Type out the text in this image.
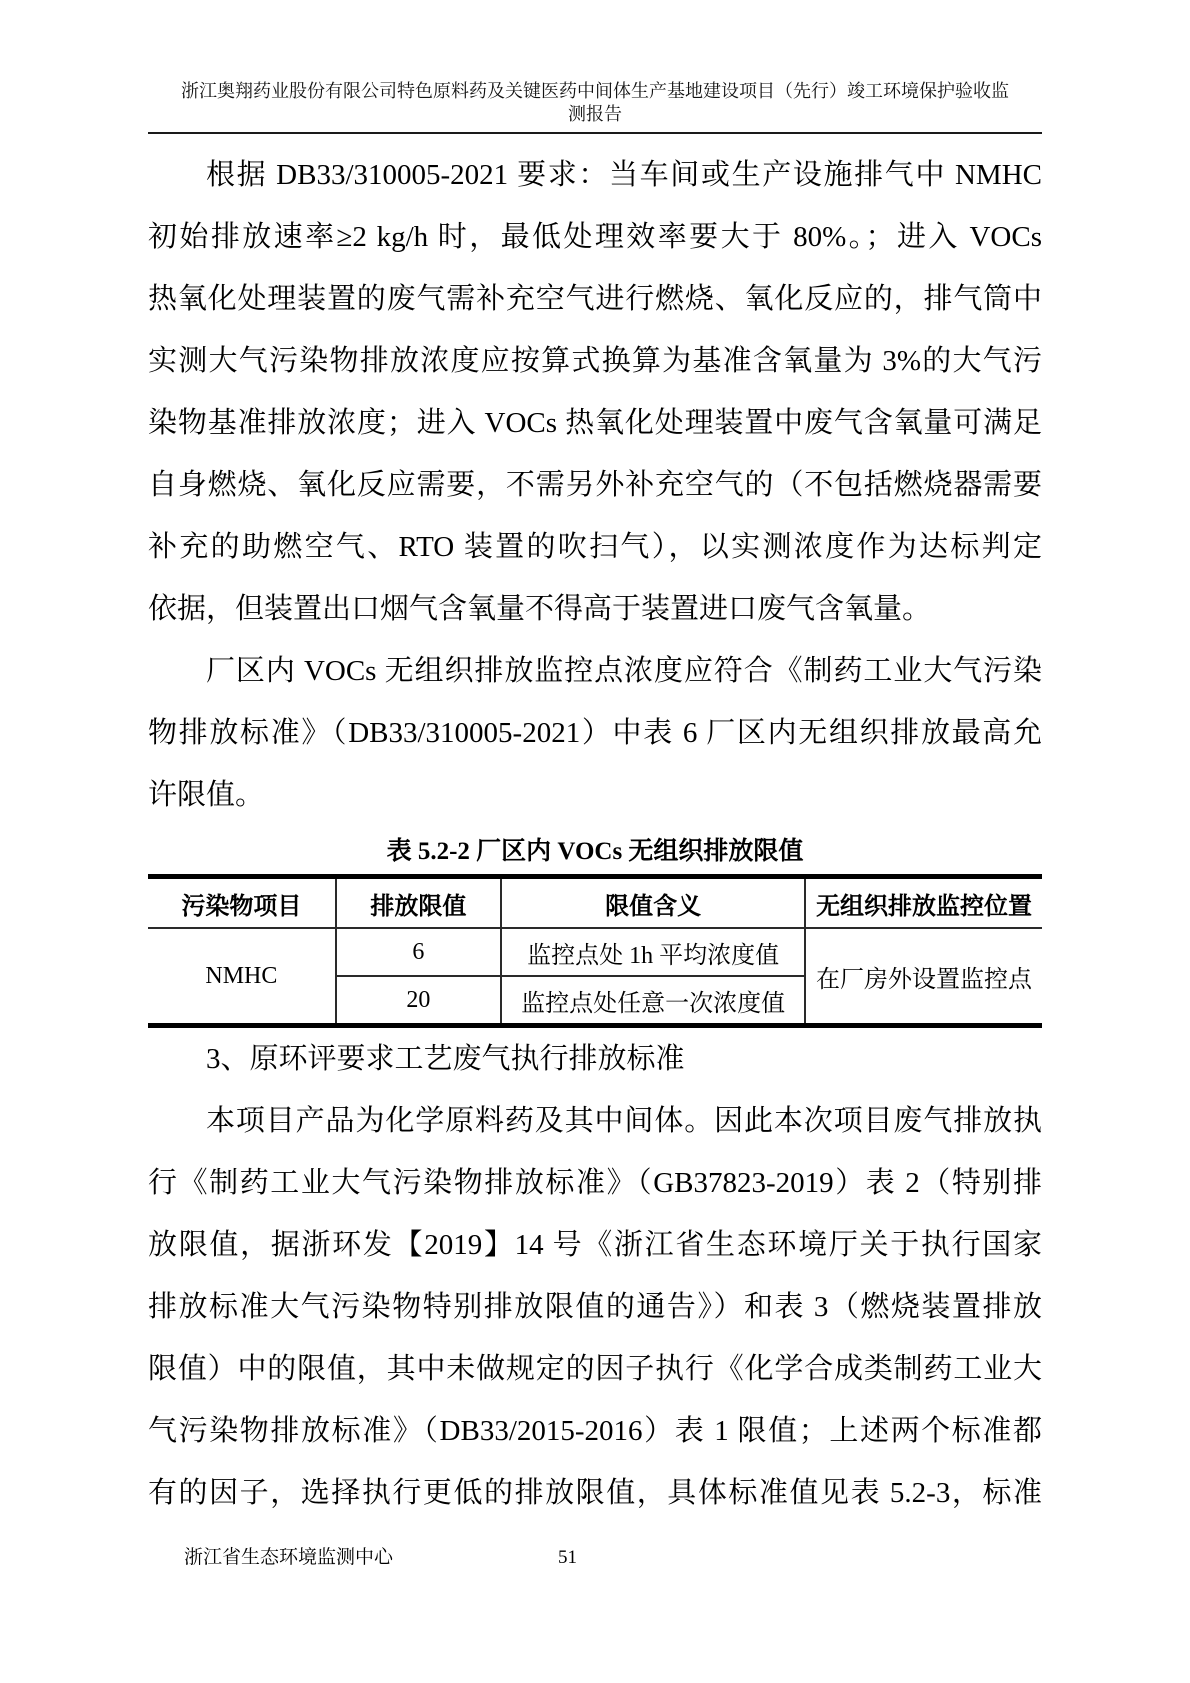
浙江奥翔药业股份有限公司特色原料药及关键医药中间体生产基地建设项目（先行）竣工环境保护验收监
测报告
根据 DB33/310005-2021 要求：当车间或生产设施排气中 NMHC
初始排放速率≥2 kg/h 时，最低处理效率要大于 80%。；进入 VOCs
热氧化处理装置的废气需补充空气进行燃烧、氧化反应的，排气筒中
实测大气污染物排放浓度应按算式换算为基准含氧量为 3%的大气污
染物基准排放浓度；进入 VOCs 热氧化处理装置中废气含氧量可满足
自身燃烧、氧化反应需要，不需另外补充空气的（不包括燃烧器需要
补充的助燃空气、RTO 装置的吹扫气），以实测浓度作为达标判定
依据，但装置出口烟气含氧量不得高于装置进口废气含氧量。
厂区内 VOCs 无组织排放监控点浓度应符合《制药工业大气污染
物排放标准》（DB33/310005-2021）中表 6 厂区内无组织排放最高允
许限值。
表 5.2-2 厂区内 VOCs 无组织排放限值
污染物项目	排放限值	限值含义	无组织排放监控位置
NMHC	6	监控点处 1h 平均浓度值	在厂房外设置监控点
	20	监控点处任意一次浓度值	
3、原环评要求工艺废气执行排放标准
本项目产品为化学原料药及其中间体。因此本次项目废气排放执
行《制药工业大气污染物排放标准》（GB37823-2019）表 2（特别排
放限值，据浙环发【2019】14 号《浙江省生态环境厅关于执行国家
排放标准大气污染物特别排放限值的通告》）和表 3（燃烧装置排放
限值）中的限值，其中未做规定的因子执行《化学合成类制药工业大
气污染物排放标准》（DB33/2015-2016）表 1 限值；上述两个标准都
有的因子，选择执行更低的排放限值，具体标准值见表 5.2-3，标准
浙江省生态环境监测中心	51
